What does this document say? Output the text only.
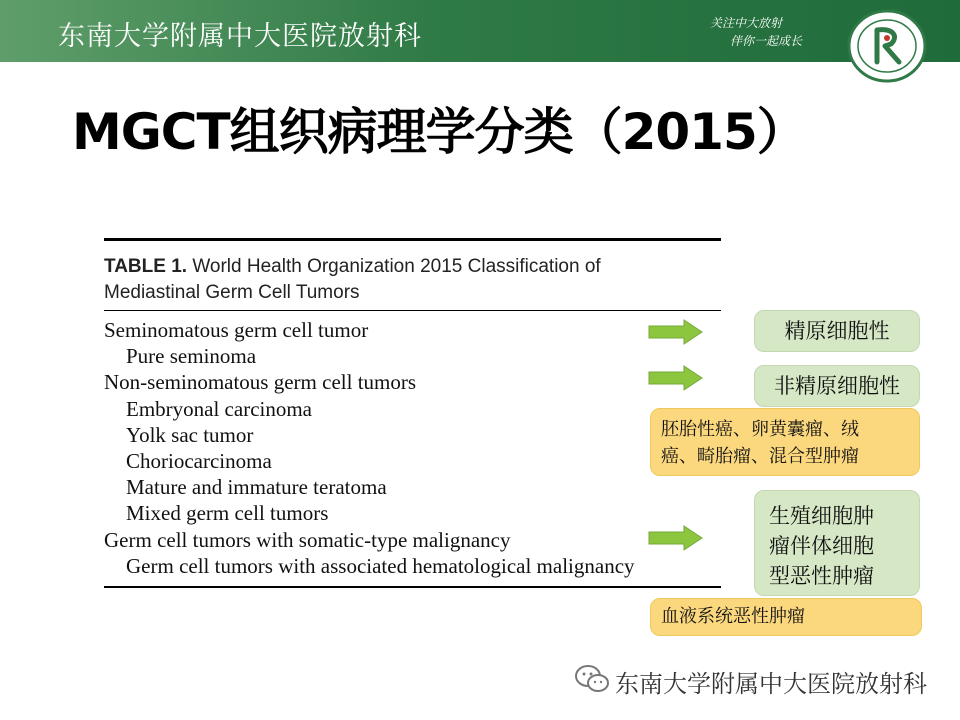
东南大学附属中大医院放射科	关注中大放射
伴你一起成长
MGCT组织病理学分类（2015）
TABLE 1. World Health Organization 2015 Classification of
Mediastinal Germ Cell Tumors
Seminomatous germ cell tumor
Pure seminoma
Non-seminomatous germ cell tumors
Embryonal carcinoma
Yolk sac tumor
Choriocarcinoma
Mature and immature teratoma
Mixed germ cell tumors
Germ cell tumors with somatic-type malignancy
Germ cell tumors with associated hematological malignancy
精原细胞性
非精原细胞性
胚胎性癌、卵黄囊瘤、绒
癌、畸胎瘤、混合型肿瘤
生殖细胞肿
瘤伴体细胞
型恶性肿瘤
血液系统恶性肿瘤
东南大学附属中大医院放射科
